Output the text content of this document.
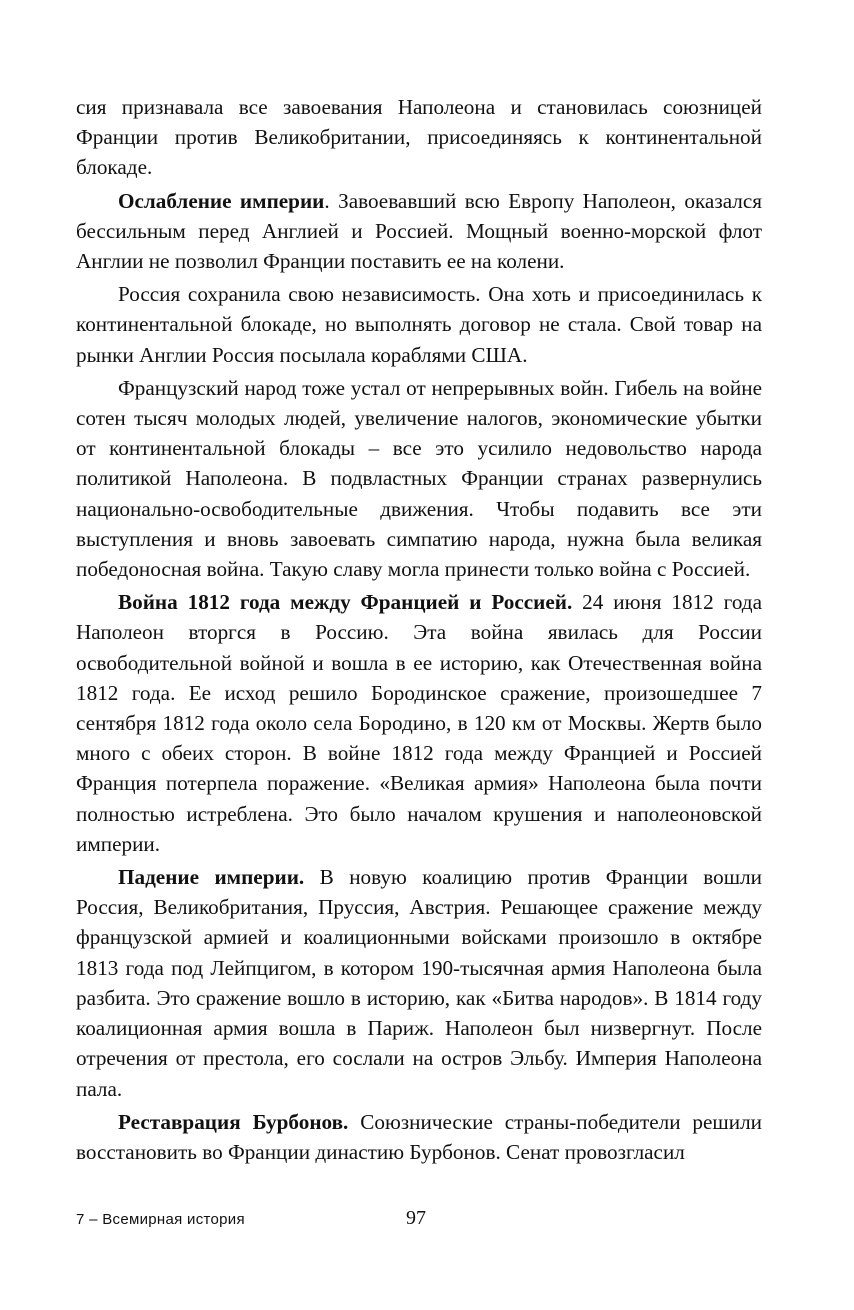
сия признавала все завоевания Наполеона и становилась союзницей Франции против Великобритании, присоединяясь к континентальной блокаде.

Ослабление империи. Завоевавший всю Европу Наполеон, оказался бессильным перед Англией и Россией. Мощный военно-морской флот Англии не позволил Франции поставить ее на колени.

Россия сохранила свою независимость. Она хоть и присоединилась к континентальной блокаде, но выполнять договор не стала. Свой товар на рынки Англии Россия посылала кораблями США.

Французский народ тоже устал от непрерывных войн. Гибель на войне сотен тысяч молодых людей, увеличение налогов, экономические убытки от континентальной блокады – все это усилило недовольство народа политикой Наполеона. В подвластных Франции странах развернулись национально-освободительные движения. Чтобы подавить все эти выступления и вновь завоевать симпатию народа, нужна была великая победоносная война. Такую славу могла принести только война с Россией.

Война 1812 года между Францией и Россией. 24 июня 1812 года Наполеон вторгся в Россию. Эта война явилась для России освободительной войной и вошла в ее историю, как Отечественная война 1812 года. Ее исход решило Бородинское сражение, произошедшее 7 сентября 1812 года около села Бородино, в 120 км от Москвы. Жертв было много с обеих сторон. В войне 1812 года между Францией и Россией Франция потерпела поражение. «Великая армия» Наполеона была почти полностью истреблена. Это было началом крушения и наполеоновской империи.

Падение империи. В новую коалицию против Франции вошли Россия, Великобритания, Пруссия, Австрия. Решающее сражение между французской армией и коалиционными войсками произошло в октябре 1813 года под Лейпцигом, в котором 190-тысячная армия Наполеона была разбита. Это сражение вошло в историю, как «Битва народов». В 1814 году коалиционная армия вошла в Париж. Наполеон был низвергнут. После отречения от престола, его сослали на остров Эльбу. Империя Наполеона пала.

Реставрация Бурбонов. Союзнические страны-победители решили восстановить во Франции династию Бурбонов. Сенат провозгласил

7 – Всемирная история	97
